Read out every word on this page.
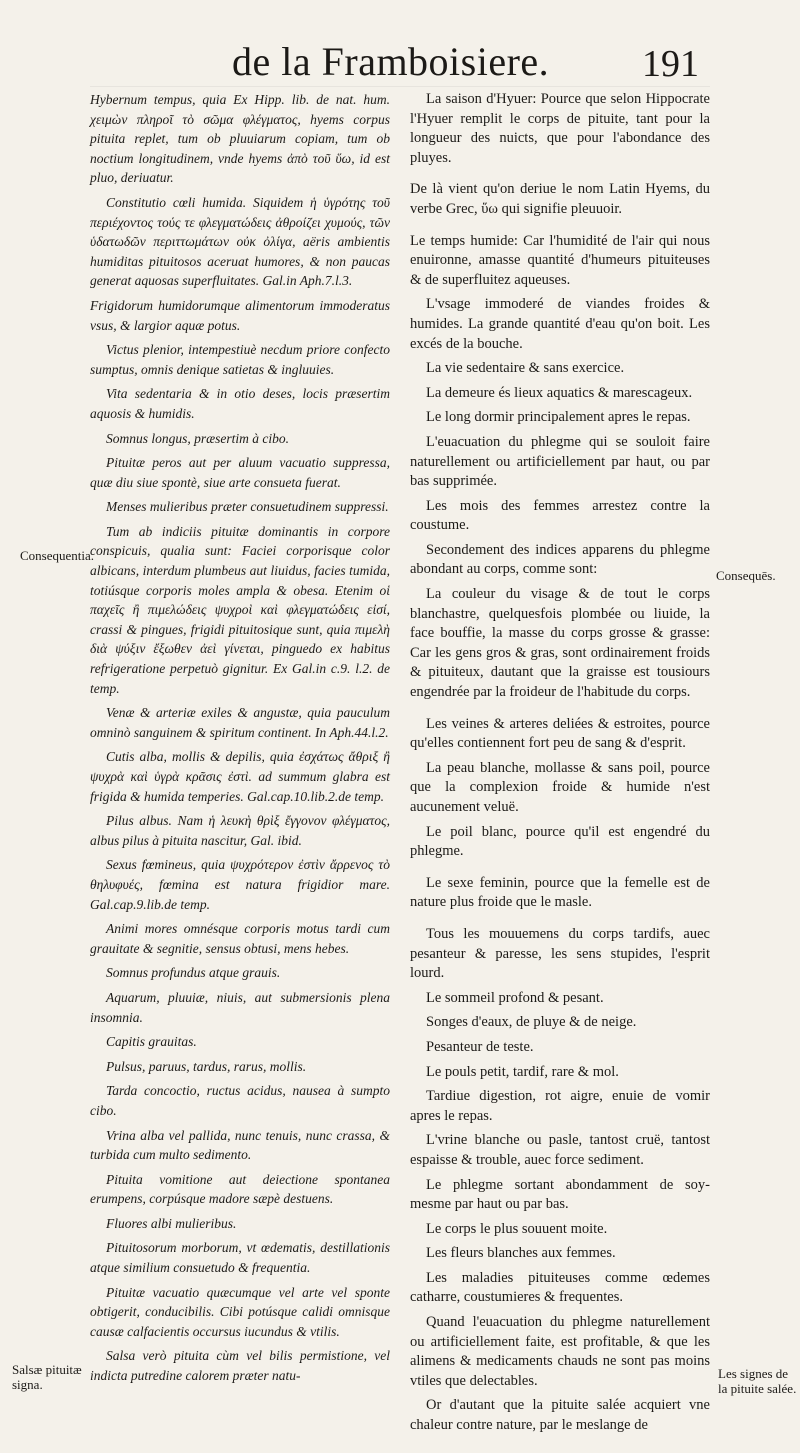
de la Framboisiere. 191

Hybernum tempus, quia Ex Hipp. lib. de nat. hum. χειμὼν πληροῖ τὸ σῶμα φλέγματος, hyems corpus pituita replet, tum ob pluuiarum copiam, tum ob noctium longitudinem, vnde hyems ἀπὸ τοῦ ὕω, id est pluo, deriuatur.

Constitutio cœli humida. Siquidem ἡ ὑγρότης τοῦ περιέχοντος τούς τε φλεγματώδεις ἀθροίζει χυμούς, τῶν ὑδατωδῶν περιττωμάτων οὐκ ὀλίγα, aëris ambientis humiditas pituitosos aceruat humores, & non paucas generat aquosas superfluitates. Gal.in Aph.7.l.3.

Frigidorum humidorumque alimentorum immoderatus vsus, & largior aquæ potus.

Victus plenior, intempestiuè necdum priore confecto sumptus, omnis denique satietas & ingluuies.

Vita sedentaria & in otio deses, locis præsertim aquosis & humidis.

Somnus longus, præsertim à cibo.

Pituitæ peros aut per aluum vacuatio suppressa, quæ diu siue spontè, siue arte consueta fuerat.

Menses mulieribus præter consuetudinem suppressi.

Tum ab indiciis pituitæ dominantis in corpore conspicuis, qualia sunt: Faciei corporisque color albicans, interdum plumbeus aut liuidus, facies tumida, totiúsque corporis moles ampla & obesa. Etenim οἱ παχεῖς ἢ πιμελώδεις ψυχροὶ καὶ φλεγματώδεις εἰσί, crassi & pingues, frigidi pituitosique sunt, quia πιμελὴ διὰ ψύξιν ἔξωθεν ἀεὶ γίνεται, pinguedo ex habitus refrigeratione perpetuò gignitur. Ex Gal.in c.9. l.2. de temp.

Venæ & arteriæ exiles & angustæ, quia pauculum omninò sanguinem & spiritum continent. In Aph.44.l.2.

Cutis alba, mollis & depilis, quia ἐσχάτως ἄθριξ ἢ ψυχρὰ καὶ ὑγρὰ κρᾶσις ἐστὶ. ad summum glabra est frigida & humida temperies. Gal.cap.10.lib.2.de temp.

Pilus albus. Nam ἡ λευκὴ θρὶξ ἔγγονον φλέγματος, albus pilus à pituita nascitur, Gal. ibid.

Sexus fœmineus, quia ψυχρότερον ἐστὶν ἄρρενος τὸ θηλυφυές, fœmina est natura frigidior mare. Gal.cap.9.lib.de temp.

Animi mores omnésque corporis motus tardi cum grauitate & segnitie, sensus obtusi, mens hebes.

Somnus profundus atque grauis.

Aquarum, pluuiæ, niuis, aut submersionis plena insomnia.

Capitis grauitas.

Pulsus, paruus, tardus, rarus, mollis.

Tarda concoctio, ructus acidus, nausea à sumpto cibo.

Vrina alba vel pallida, nunc tenuis, nunc crassa, & turbida cum multo sedimento.

Pituita vomitione aut deiectione spontanea erumpens, corpúsque madore sæpè destuens.

Fluores albi mulieribus.

Pituitosorum morborum, vt œdematis, destillationis atque similium consuetudo & frequentia.

Pituitæ vacuatio quæcumque vel arte vel sponte obtigerit, conducibilis. Cibi potúsque calidi omnisque causæ calfacientis occursus iucundus & vtilis.

Salsa verò pituita cùm vel bilis permistione, vel indicta putredine calorem præter natu-

La saison d'Hyuer: Pource que selon Hippocrate l'Hyuer remplit le corps de pituite, tant pour la longueur des nuicts, que pour l'abondance des pluyes.

De là vient qu'on deriue le nom Latin Hyems, du verbe Grec, ὕω qui signifie pleuuoir.

Le temps humide: Car l'humidité de l'air qui nous enuironne, amasse quantité d'humeurs pituiteuses & de superfluitez aqueuses.

L'vsage immoderé de viandes froides & humides. La grande quantité d'eau qu'on boit. Les excés de la bouche.

La vie sedentaire & sans exercice.

La demeure és lieux aquatics & marescageux.

Le long dormir principalement apres le repas.

L'euacuation du phlegme qui se souloit faire naturellement ou artificiellement par haut, ou par bas supprimée.

Les mois des femmes arrestez contre la coustume.

Secondement des indices apparens du phlegme abondant au corps, comme sont:

La couleur du visage & de tout le corps blanchastre, quelquesfois plombée ou liuide, la face bouffie, la masse du corps grosse & grasse: Car les gens gros & gras, sont ordinairement froids & pituiteux, dautant que la graisse est tousiours engendrée par la froideur de l'habitude du corps.

Les veines & arteres deliées & estroites, pource qu'elles contiennent fort peu de sang & d'esprit.

La peau blanche, mollasse & sans poil, pource que la complexion froide & humide n'est aucunement veluë.

Le poil blanc, pource qu'il est engendré du phlegme.

Le sexe feminin, pource que la femelle est de nature plus froide que le masle.

Tous les mouuemens du corps tardifs, auec pesanteur & paresse, les sens stupides, l'esprit lourd.

Le sommeil profond & pesant.

Songes d'eaux, de pluye & de neige.

Pesanteur de teste.

Le pouls petit, tardif, rare & mol.

Tardiue digestion, rot aigre, enuie de vomir apres le repas.

L'vrine blanche ou pasle, tantost cruë, tantost espaisse & trouble, auec force sediment.

Le phlegme sortant abondamment de soy-mesme par haut ou par bas.

Le corps le plus souuent moite.

Les fleurs blanches aux femmes.

Les maladies pituiteuses comme œdemes catharre, coustumieres & frequentes.

Quand l'euacuation du phlegme naturellement ou artificiellement faite, est profitable, & que les alimens & medicaments chauds ne sont pas moins vtiles que delectables.

Or d'autant que la pituite salée acquiert vne chaleur contre nature, par le meslange de

Consequentia.
Consequēs.
Salsæ pituitæ signa.
Les signes de la pituite salée.
